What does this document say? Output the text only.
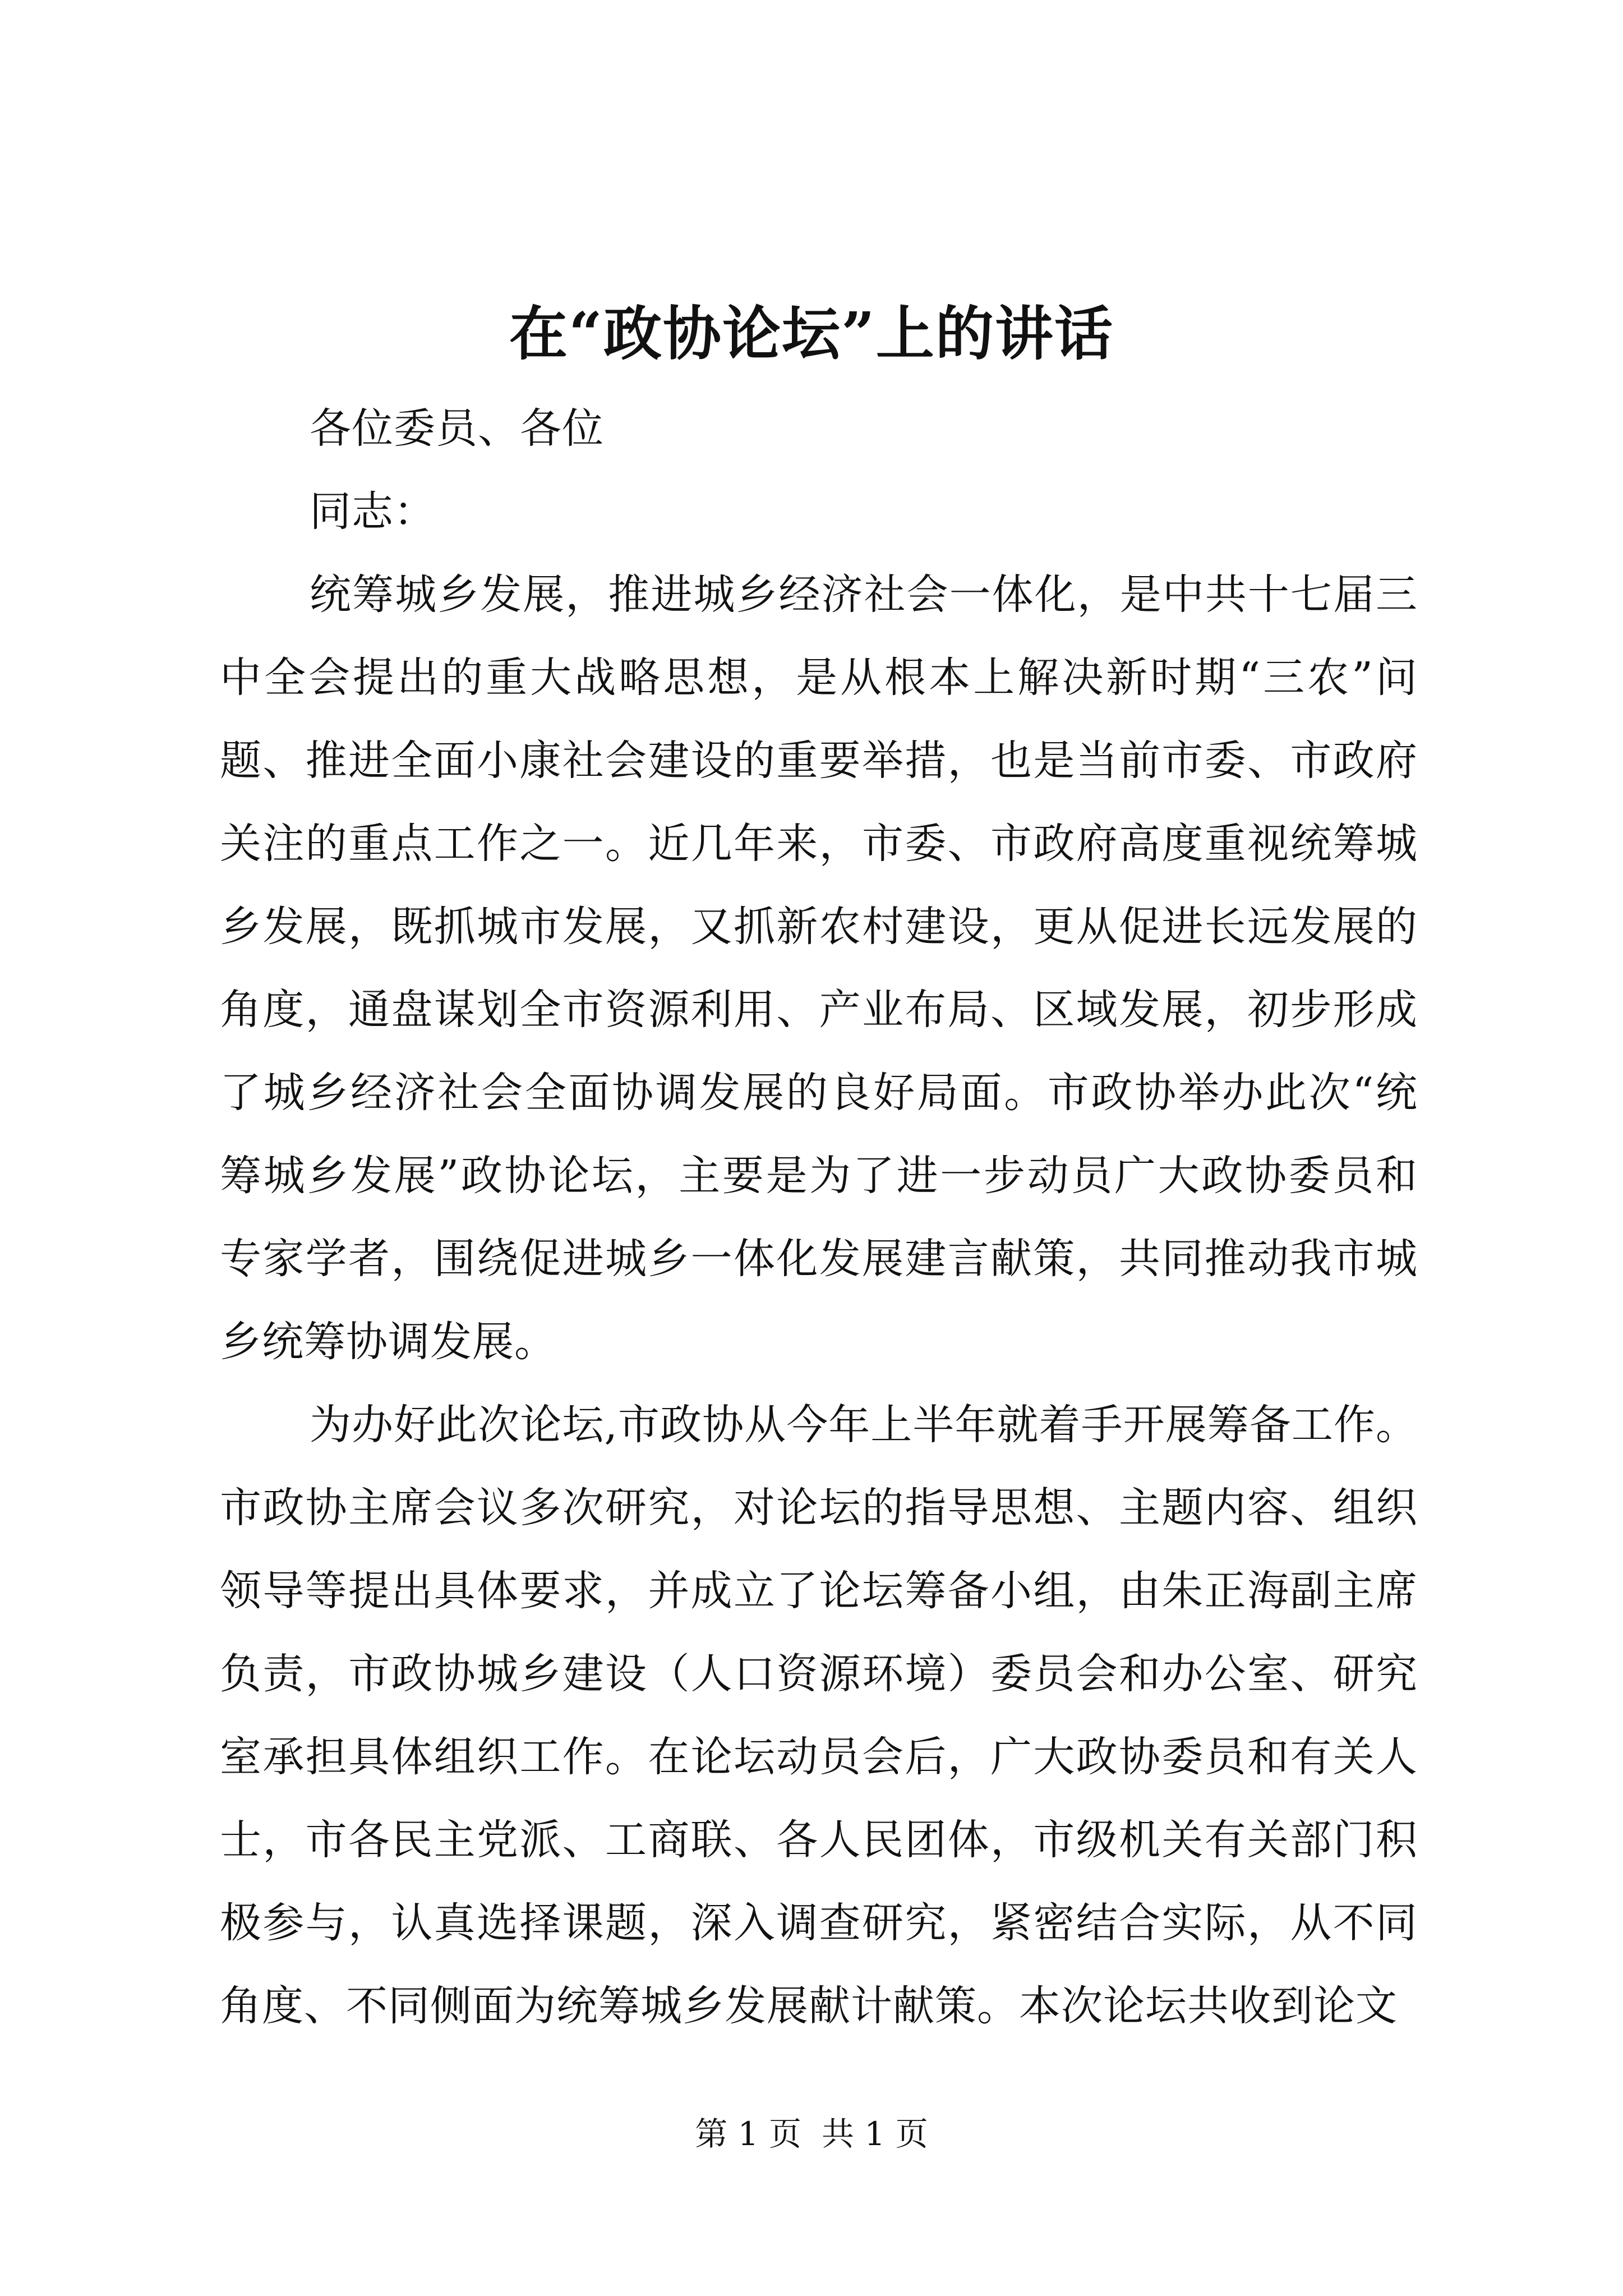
在“政协论坛”上的讲话

各位委员、各位

同志：

统筹城乡发展，推进城乡经济社会一体化，是中共十七届三中全会提出的重大战略思想，是从根本上解决新时期“三农”问题、推进全面小康社会建设的重要举措，也是当前市委、市政府关注的重点工作之一。近几年来，市委、市政府高度重视统筹城乡发展，既抓城市发展，又抓新农村建设，更从促进长远发展的角度，通盘谋划全市资源利用、产业布局、区域发展，初步形成了城乡经济社会全面协调发展的良好局面。市政协举办此次“统筹城乡发展”政协论坛，主要是为了进一步动员广大政协委员和专家学者，围绕促进城乡一体化发展建言献策，共同推动我市城乡统筹协调发展。

为办好此次论坛,市政协从今年上半年就着手开展筹备工作。市政协主席会议多次研究，对论坛的指导思想、主题内容、组织领导等提出具体要求，并成立了论坛筹备小组，由朱正海副主席负责，市政协城乡建设（人口资源环境）委员会和办公室、研究室承担具体组织工作。在论坛动员会后，广大政协委员和有关人士，市各民主党派、工商联、各人民团体，市级机关有关部门积极参与，认真选择课题，深入调查研究，紧密结合实际，从不同角度、不同侧面为统筹城乡发展献计献策。本次论坛共收到论文

第 1 页 共 1 页
